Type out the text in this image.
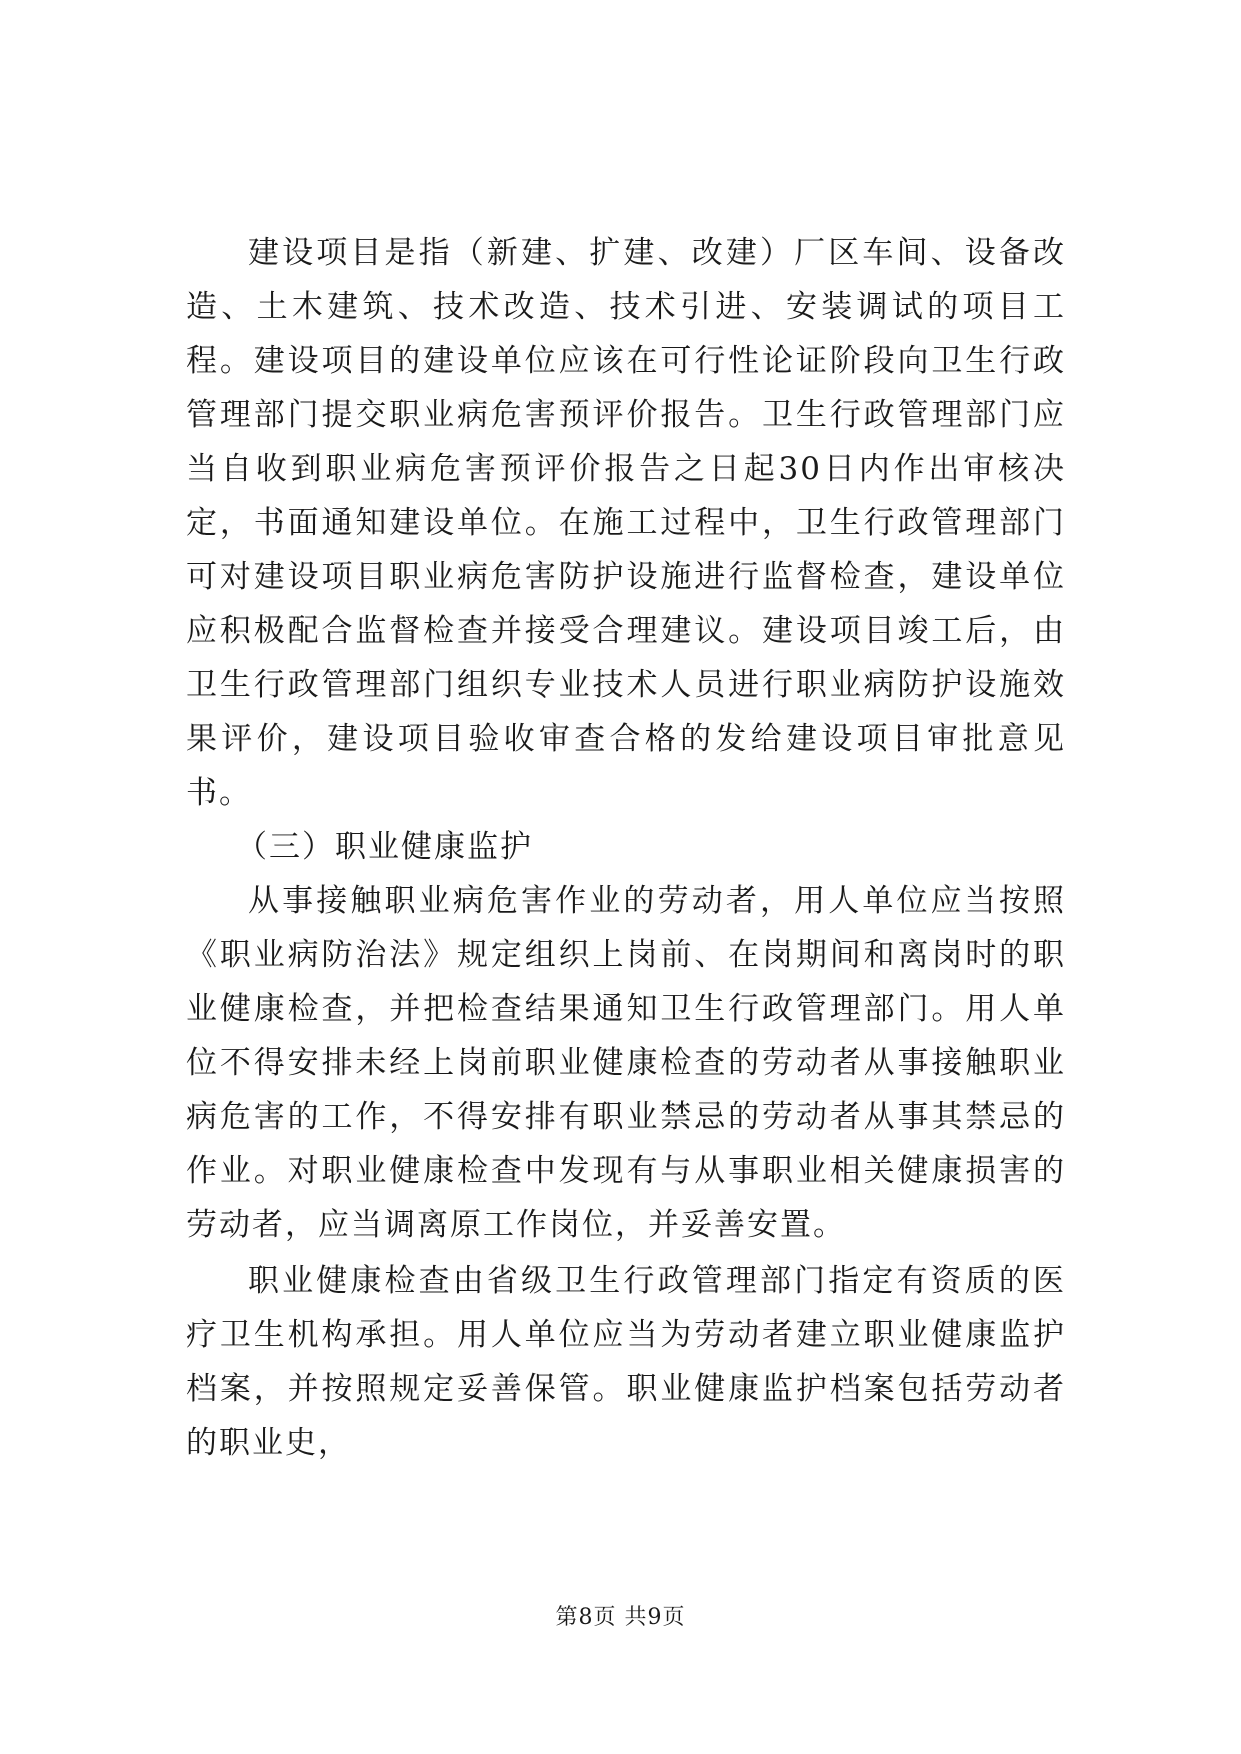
建设项目是指（新建、扩建、改建）厂区车间、设备改造、土木建筑、技术改造、技术引进、安装调试的项目工程。建设项目的建设单位应该在可行性论证阶段向卫生行政管理部门提交职业病危害预评价报告。卫生行政管理部门应当自收到职业病危害预评价报告之日起30日内作出审核决定，书面通知建设单位。在施工过程中，卫生行政管理部门可对建设项目职业病危害防护设施进行监督检查，建设单位应积极配合监督检查并接受合理建议。建设项目竣工后，由卫生行政管理部门组织专业技术人员进行职业病防护设施效果评价，建设项目验收审查合格的发给建设项目审批意见书。

（三）职业健康监护

从事接触职业病危害作业的劳动者，用人单位应当按照《职业病防治法》规定组织上岗前、在岗期间和离岗时的职业健康检查，并把检查结果通知卫生行政管理部门。用人单位不得安排未经上岗前职业健康检查的劳动者从事接触职业病危害的工作，不得安排有职业禁忌的劳动者从事其禁忌的作业。对职业健康检查中发现有与从事职业相关健康损害的劳动者，应当调离原工作岗位，并妥善安置。

职业健康检查由省级卫生行政管理部门指定有资质的医疗卫生机构承担。用人单位应当为劳动者建立职业健康监护档案，并按照规定妥善保管。职业健康监护档案包括劳动者的职业史，

第8页 共9页
